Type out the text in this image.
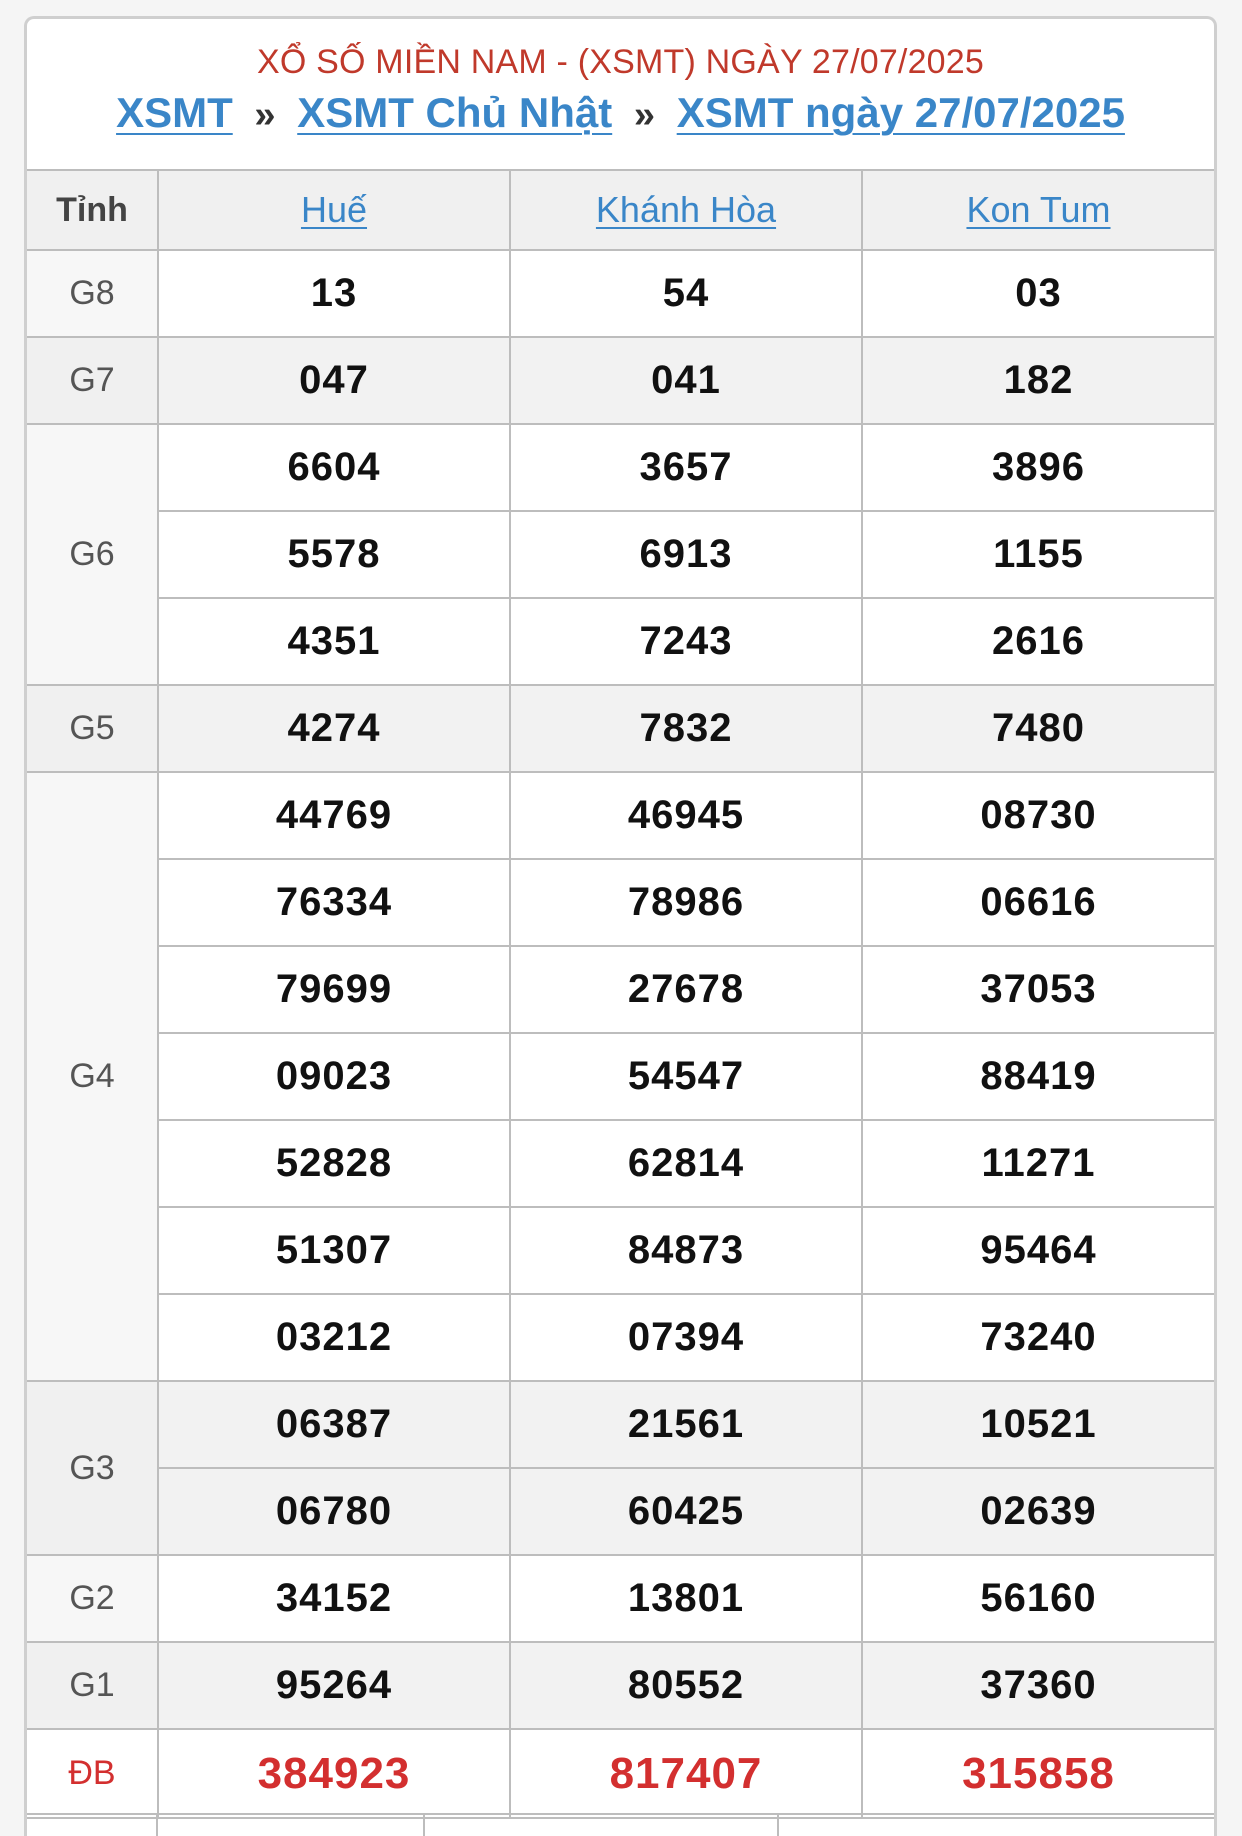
XỔ SỐ MIỀN NAM - (XSMT) NGÀY 27/07/2025
XSMT » XSMT Chủ Nhật » XSMT ngày 27/07/2025
Tỉnh	Huế	Khánh Hòa	Kon Tum
G8	13	54	03
G7	047	041	182
G6	6604	3657	3896
	5578	6913	1155
	4351	7243	2616
G5	4274	7832	7480
G4	44769	46945	08730
	76334	78986	06616
	79699	27678	37053
	09023	54547	88419
	52828	62814	11271
	51307	84873	95464
	03212	07394	73240
G3	06387	21561	10521
	06780	60425	02639
G2	34152	13801	56160
G1	95264	80552	37360
ĐB	384923	817407	315858
